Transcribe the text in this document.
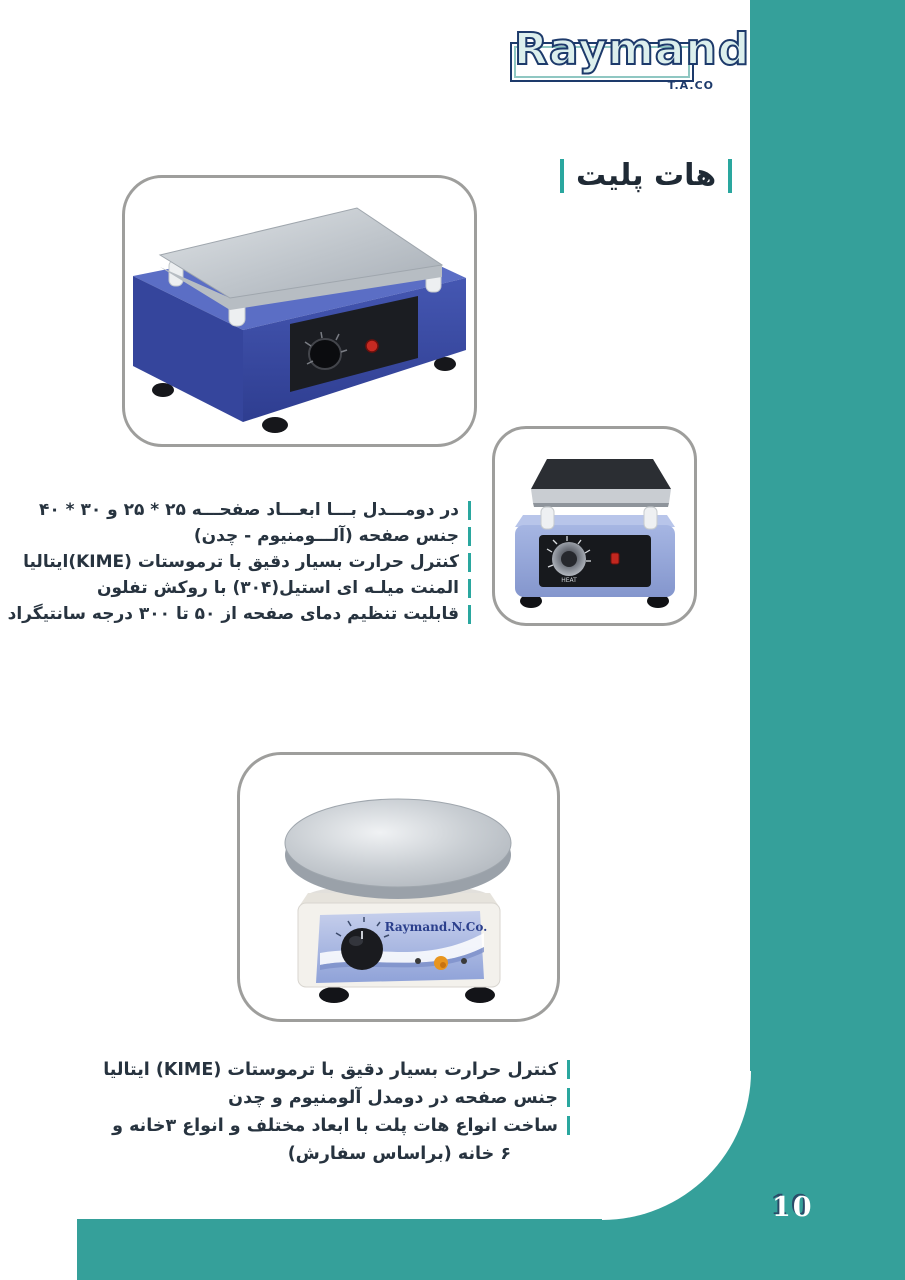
Raymand
T.A.CO
هات پلیت
HEAT
Raymand.N.Co.
در دومـــدل بـــا ابعـــاد صفحـــه ۲۵ * ۲۵ و ۳۰ * ۴۰
جنس صفحه (آلـــومنیوم - چدن)
کنترل حرارت بسیار دقیق با ترموستات (KIME)ایتالیا
المنت میلـه ای استیل(۳۰۴) با روکش تفلون
قابلیت تنظیم دمای صفحه از ۵۰ تا ۳۰۰ درجه سانتیگراد
کنترل حرارت بسیار دقیق با ترموستات (KIME) ایتالیا
جنس صفحه در دومدل آلومنیوم و چدن
ساخت انواع هات پلت با ابعاد مختلف و انواع ۳خانه و
۶ خانه (براساس سفارش)
10
